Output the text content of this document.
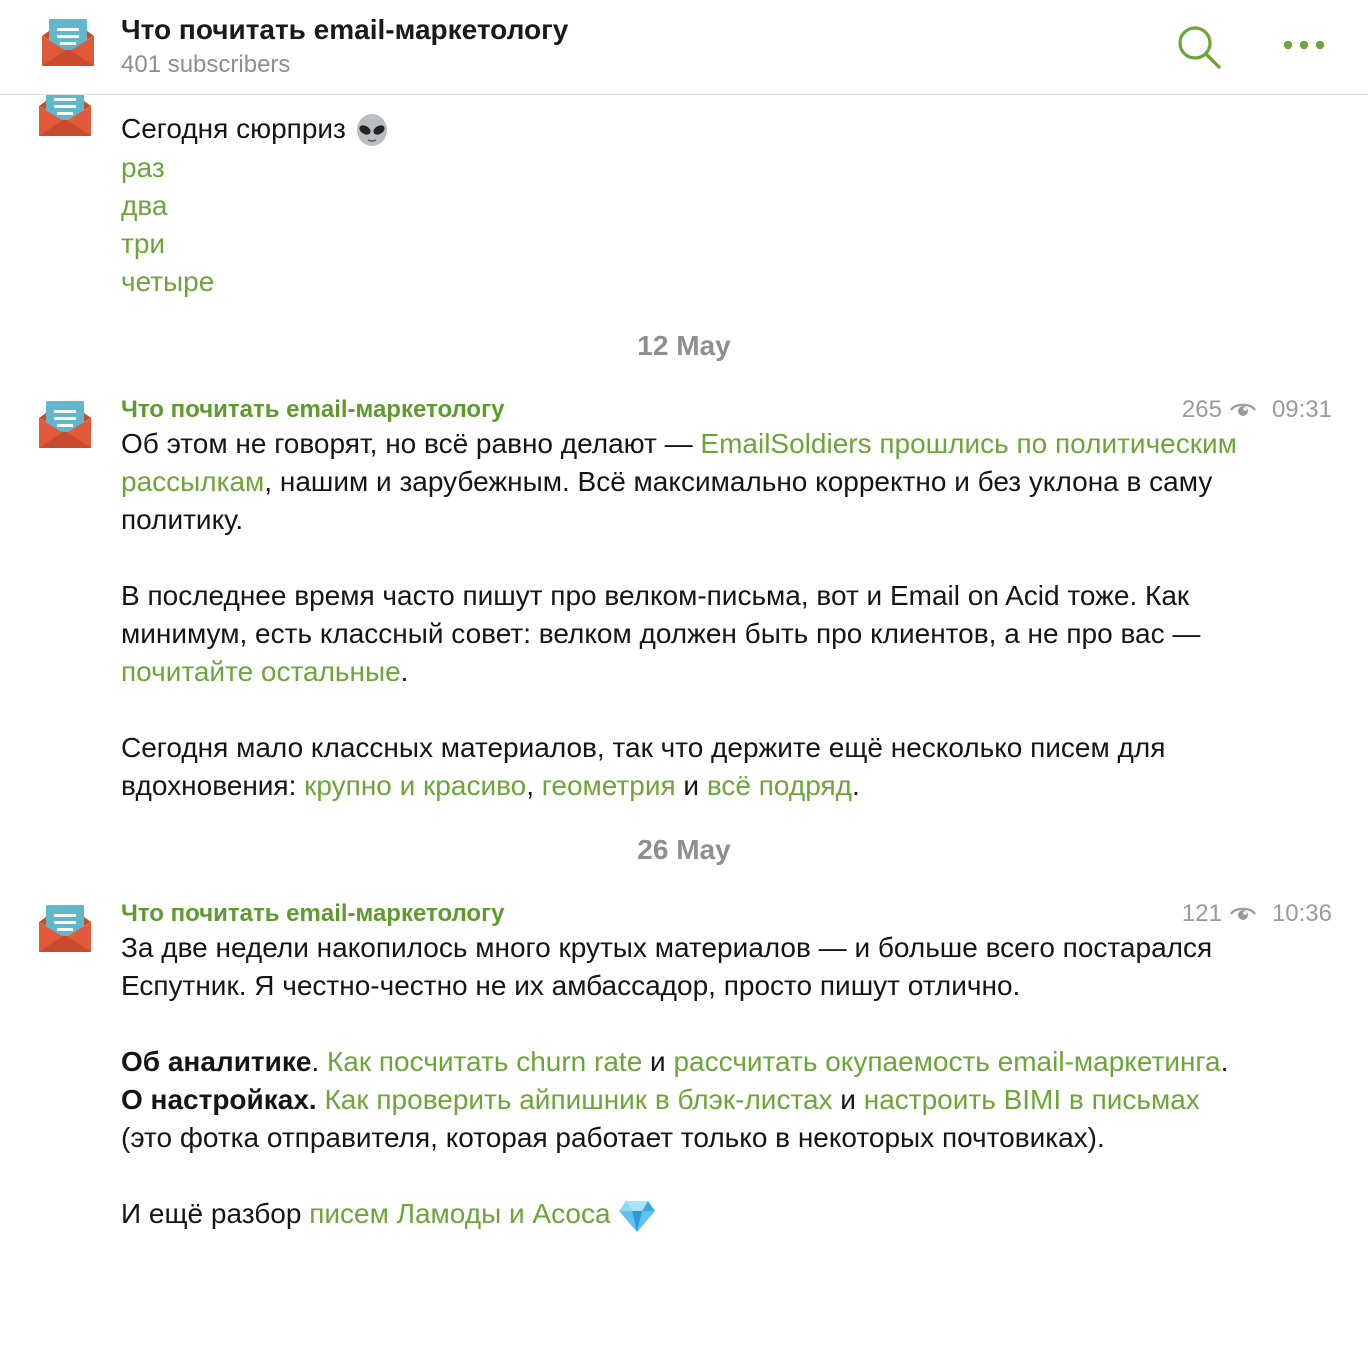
Сегодня сюрприз

раз

два

три

четыре

12 May
Что почитать email-маркетологу	265 09:31

Об этом не говорят, но всё равно делают — EmailSoldiers прошлись по политическим рассылкам, нашим и зарубежным. Всё максимально корректно и без уклона в саму политику.

В последнее время часто пишут про велком-письма, вот и Email on Acid тоже. Как минимум, есть классный совет: велком должен быть про клиентов, а не про вас — почитайте остальные.

Сегодня мало классных материалов, так что держите ещё несколько писем для вдохновения: крупно и красиво, геометрия и всё подряд.

26 May
Что почитать email-маркетологу	121 10:36

За две недели накопилось много крутых материалов — и больше всего постарался Еспутник. Я честно-честно не их амбассадор, просто пишут отлично.

Об аналитике. Как посчитать churn rate и рассчитать окупаемость email-маркетинга.

О настройках. Как проверить айпишник в блэк-листах и настроить BIMI в письмах (это фотка отправителя, которая работает только в некоторых почтовиках).

И ещё разбор писем Ламоды и Асоса

Что почитать email-маркетологу
401 subscribers
